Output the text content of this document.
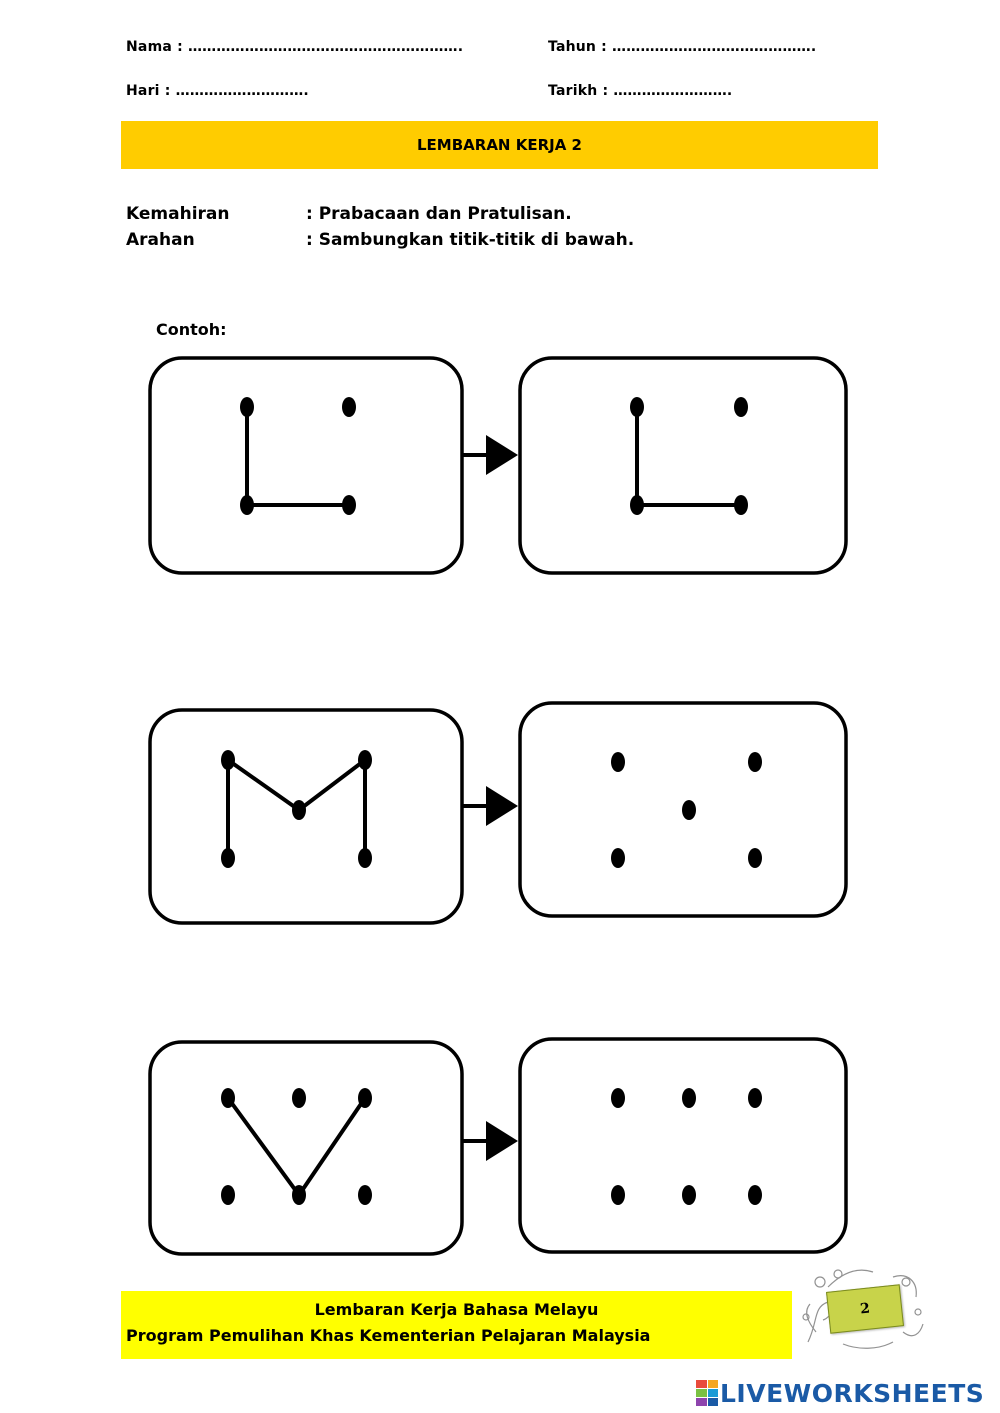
Nama : ………………………………………………….	Tahun : …………………………………….
Hari : ……………………….	Tarikh : …………………….
LEMBARAN KERJA 2
Kemahiran	: Prabacaan dan Pratulisan.
Arahan	: Sambungkan titik-titik di bawah.
Contoh:
Lembaran Kerja Bahasa Melayu
Program Pemulihan Khas Kementerian Pelajaran Malaysia
2
LIVEWORKSHEETS
